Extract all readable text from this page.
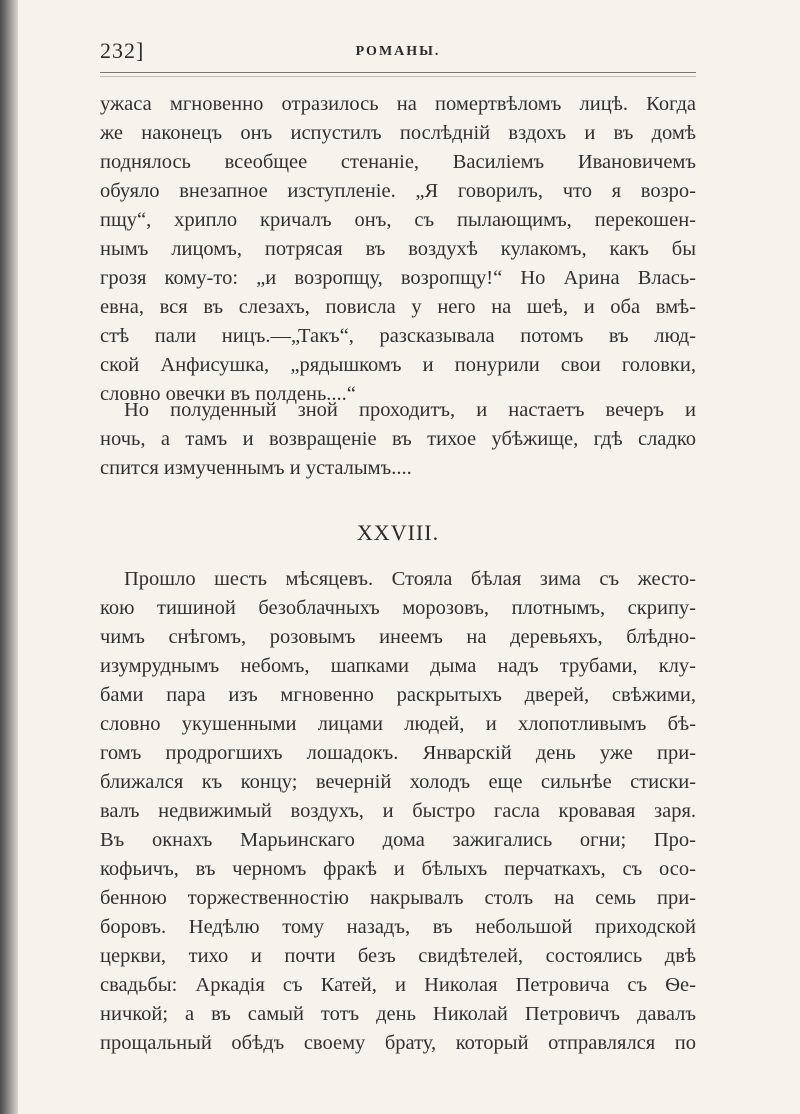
232]	РОМАНЫ.
ужаса мгновенно отразилось на помертвѣломъ лицѣ. Когда
же наконецъ онъ испустилъ послѣдній вздохъ и въ домѣ
поднялось всеобщее стенаніе, Василіемъ Ивановичемъ
обуяло внезапное изступленіе. „Я говорилъ, что я возро-
пщу“, хрипло кричалъ онъ, съ пылающимъ, перекошен-
нымъ лицомъ, потрясая въ воздухѣ кулакомъ, какъ бы
грозя кому-то: „и возропщу, возропщу!“ Но Арина Влась-
евна, вся въ слезахъ, повисла у него на шеѣ, и оба вмѣ-
стѣ пали ницъ.—„Такъ“, разсказывала потомъ въ люд-
ской Анфисушка, „рядышкомъ и понурили свои головки,
словно овечки въ полдень....“
Но полуденный зной проходитъ, и настаетъ вечеръ и
ночь, а тамъ и возвращеніе въ тихое убѣжище, гдѣ сладко
спится измученнымъ и усталымъ....
XXVIII.
Прошло шесть мѣсяцевъ. Стояла бѣлая зима съ жесто-
кою тишиной безоблачныхъ морозовъ, плотнымъ, скрипу-
чимъ снѣгомъ, розовымъ инеемъ на деревьяхъ, блѣдно-
изумруднымъ небомъ, шапками дыма надъ трубами, клу-
бами пара изъ мгновенно раскрытыхъ дверей, свѣжими,
словно укушенными лицами людей, и хлопотливымъ бѣ-
гомъ продрогшихъ лошадокъ. Январскій день уже при-
ближался къ концу; вечерній холодъ еще сильнѣе стиски-
валъ недвижимый воздухъ, и быстро гасла кровавая заря.
Въ окнахъ Марьинскаго дома зажигались огни; Про-
кофьичъ, въ черномъ фракѣ и бѣлыхъ перчаткахъ, съ осо-
бенною торжественностію накрывалъ столъ на семь при-
боровъ. Недѣлю тому назадъ, въ небольшой приходской
церкви, тихо и почти безъ свидѣтелей, состоялись двѣ
свадьбы: Аркадія съ Катей, и Николая Петровича съ Ѳе-
ничкой; а въ самый тотъ день Николай Петровичъ давалъ
прощальный обѣдъ своему брату, который отправлялся по
